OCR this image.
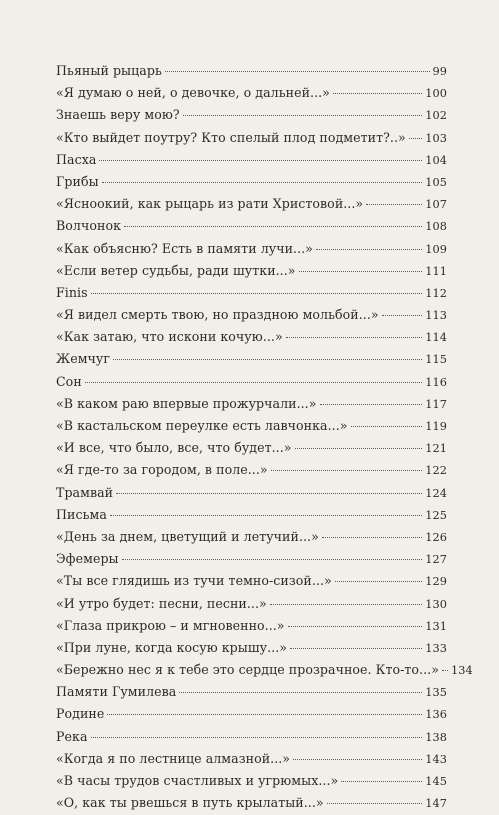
Пьяный рыцарь	99
«Я думаю о ней, о девочке, о дальней...»	100
Знаешь веру мою?	102
«Кто выйдет поутру? Кто спелый плод подметит?..» 103
Пасха	104
Грибы	105
«Ясноокий, как рыцарь из рати Христовой...»	107
Волчонок	108
«Как объясню? Есть в памяти лучи...»	109
«Если ветер судьбы, ради шутки...»	111
Finis	112
«Я видел смерть твою, но праздною мольбой...»	113
«Как затаю, что искони кочую...»	114
Жемчуг	115
Сон	116
«В каком раю впервые прожурчали...»	117
«В кастальском переулке есть лавчонка...»	119
«И все, что было, все, что будет...»	121
«Я где-то за городом, в поле...»	122
Трамвай	124
Письма	125
«День за днем, цветущий и летучий...»	126
Эфемеры	127
«Ты все глядишь из тучи темно-сизой...»	129
«И утро будет: песни, песни...»	130
«Глаза прикрою – и мгновенно...»	131
«При луне, когда косую крышу...»	133
«Бережно нес я к тебе это сердце прозрачное. Кто-то...» 134
Памяти Гумилева	135
Родине	136
Река	138
«Когда я по лестнице алмазной...»	143
«В часы трудов счастливых и угрюмых...»	145
«О, как ты рвешься в путь крылатый...»	147
